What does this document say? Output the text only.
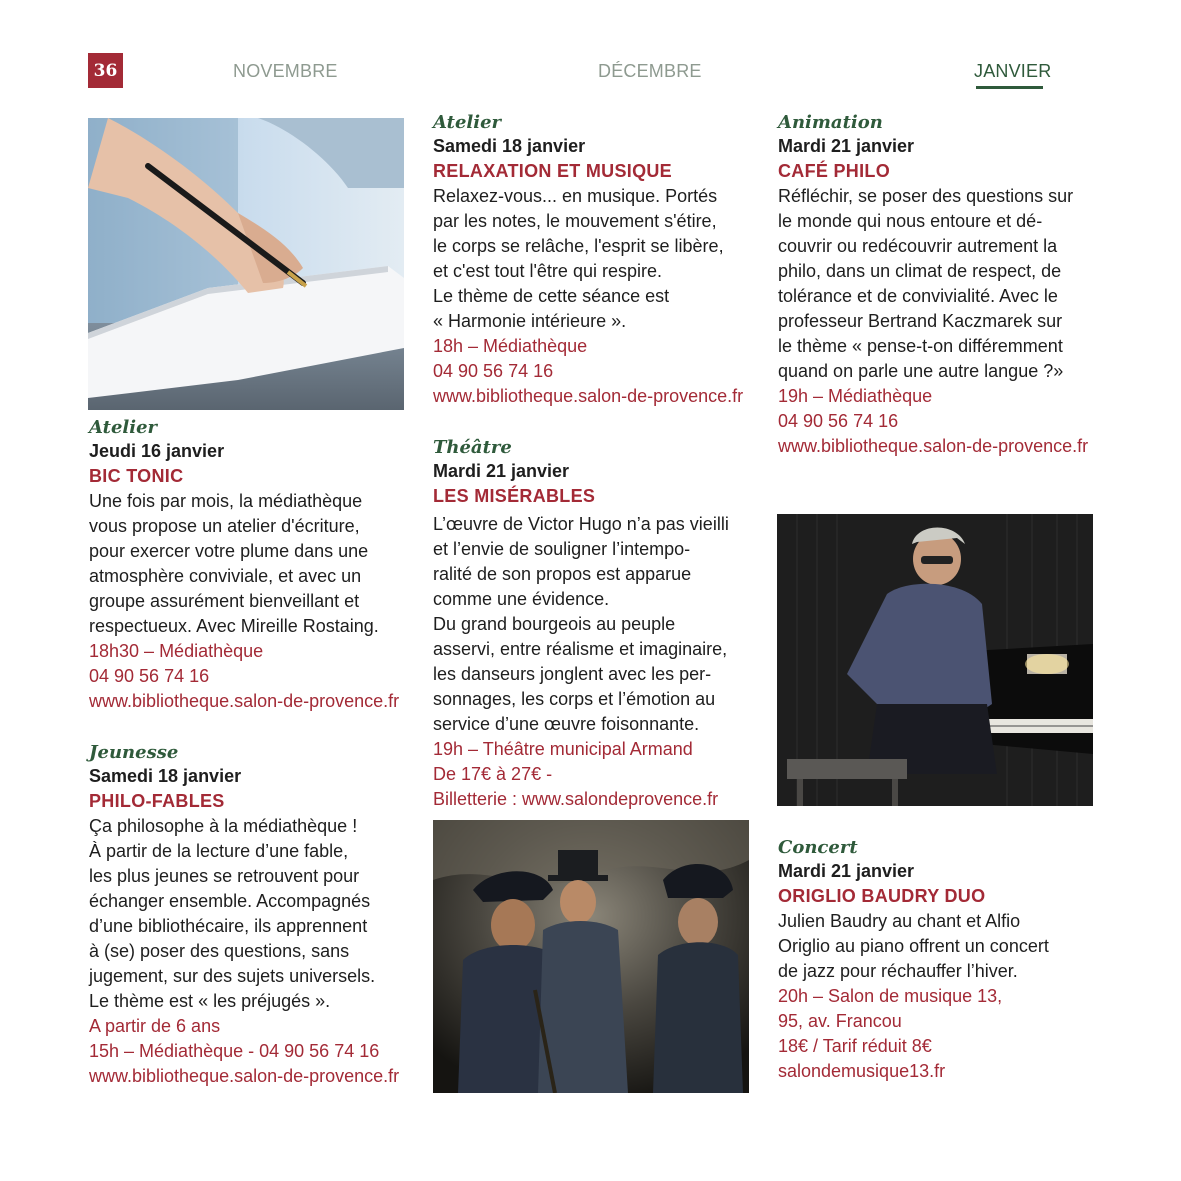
36	NOVEMBRE	DÉCEMBRE	JANVIER
Atelier
Jeudi 16 janvier
BIC TONIC

Une fois par mois, la médiathèque

vous propose un atelier d'écriture,

pour exercer votre plume dans une

atmosphère conviviale, et avec un

groupe assurément bienveillant et

respectueux. Avec Mireille Rostaing.

18h30 – Médiathèque

04 90 56 74 16

www.bibliotheque.salon-de-provence.fr

Jeunesse
Samedi 18 janvier
PHILO-FABLES

Ça philosophe à la médiathèque !

À partir de la lecture d’une fable,

les plus jeunes se retrouvent pour

échanger ensemble. Accompagnés

d’une bibliothécaire, ils apprennent

à (se) poser des questions, sans

jugement, sur des sujets universels.

Le thème est « les préjugés ».

A partir de 6 ans

15h – Médiathèque - 04 90 56 74 16

www.bibliotheque.salon-de-provence.fr

Atelier
Samedi 18 janvier
RELAXATION ET MUSIQUE

Relaxez-vous... en musique. Portés

par les notes, le mouvement s'étire,

le corps se relâche, l'esprit se libère,

et c'est tout l'être qui respire.

Le thème de cette séance est

« Harmonie intérieure ».

18h – Médiathèque

04 90 56 74 16

www.bibliotheque.salon-de-provence.fr

Théâtre
Mardi 21 janvier
LES MISÉRABLES

L’œuvre de Victor Hugo n’a pas vieilli

et l’envie de souligner l’intempo-

ralité de son propos est apparue

comme une évidence.

Du grand bourgeois au peuple

asservi, entre réalisme et imaginaire,

les danseurs jonglent avec les per-

sonnages, les corps et l’émotion au

service d’une œuvre foisonnante.

19h – Théâtre municipal Armand

De 17€ à 27€ -

Billetterie : www.salondeprovence.fr

Animation
Mardi 21 janvier
CAFÉ PHILO

Réfléchir, se poser des questions sur

le monde qui nous entoure et dé-

couvrir ou redécouvrir autrement la

philo, dans un climat de respect, de

tolérance et de convivialité. Avec le

professeur Bertrand Kaczmarek sur

le thème « pense-t-on différemment

quand on parle une autre langue ?»

19h – Médiathèque

04 90 56 74 16

www.bibliotheque.salon-de-provence.fr

Concert
Mardi 21 janvier
ORIGLIO BAUDRY DUO

Julien Baudry au chant et Alfio

Origlio au piano offrent un concert

de jazz pour réchauffer l’hiver.

20h – Salon de musique 13,

95, av. Francou

18€ / Tarif réduit 8€

salondemusique13.fr
